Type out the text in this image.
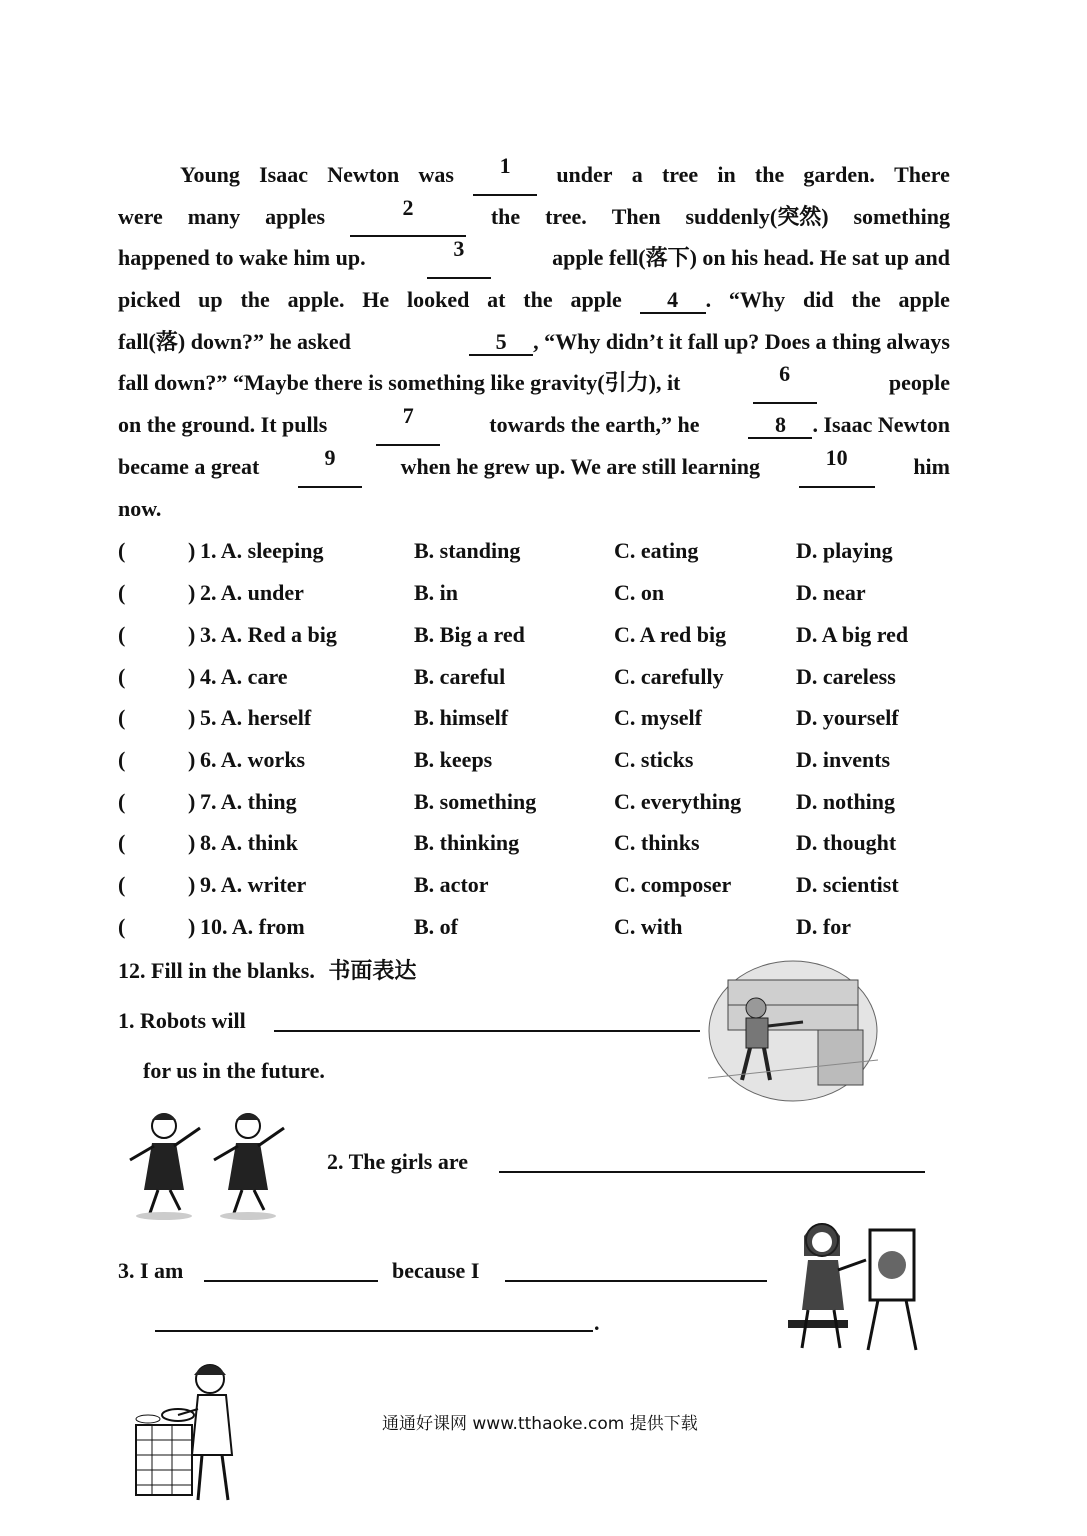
Young Isaac Newton was	1	under a tree in the garden. There
were many apples	2	the tree. Then suddenly(突然) something
happened to wake him up.	3	apple fell(落下) on his head. He sat up and
picked up the apple. He looked at the apple	4 . “Why did the apple
fall(落) down?” he asked	5 , “Why didn’t it fall up? Does a thing always
fall down?” “Maybe there is something like gravity(引力), it	6	people
on the ground. It pulls	7	towards the earth,” he	8 . Isaac Newton
became a great	9	when he grew up. We are still learning	10	him
now.
(	) 1. A. sleeping	B. standing	C. eating	D. playing
(	) 2. A. under	B. in	C. on	D. near
(	) 3. A. Red a big	B. Big a red	C. A red big	D. A big red
(	) 4. A. care	B. careful	C. carefully	D. careless
(	) 5. A. herself	B. himself	C. myself	D. yourself
(	) 6. A. works	B. keeps	C. sticks	D. invents
(	) 7. A. thing	B. something	C. everything D. nothing
(	) 8. A. think	B. thinking	C. thinks	D. thought
(	) 9. A. writer	B. actor	C. composer	D. scientist
(	) 10. A. from	B. of	C. with	D. for
12. Fill in the blanks. 书面表达
1. Robots will
for us in the future.
2. The girls are
3. I am	because I
.
通通好课网 www.tthaoke.com 提供下载
